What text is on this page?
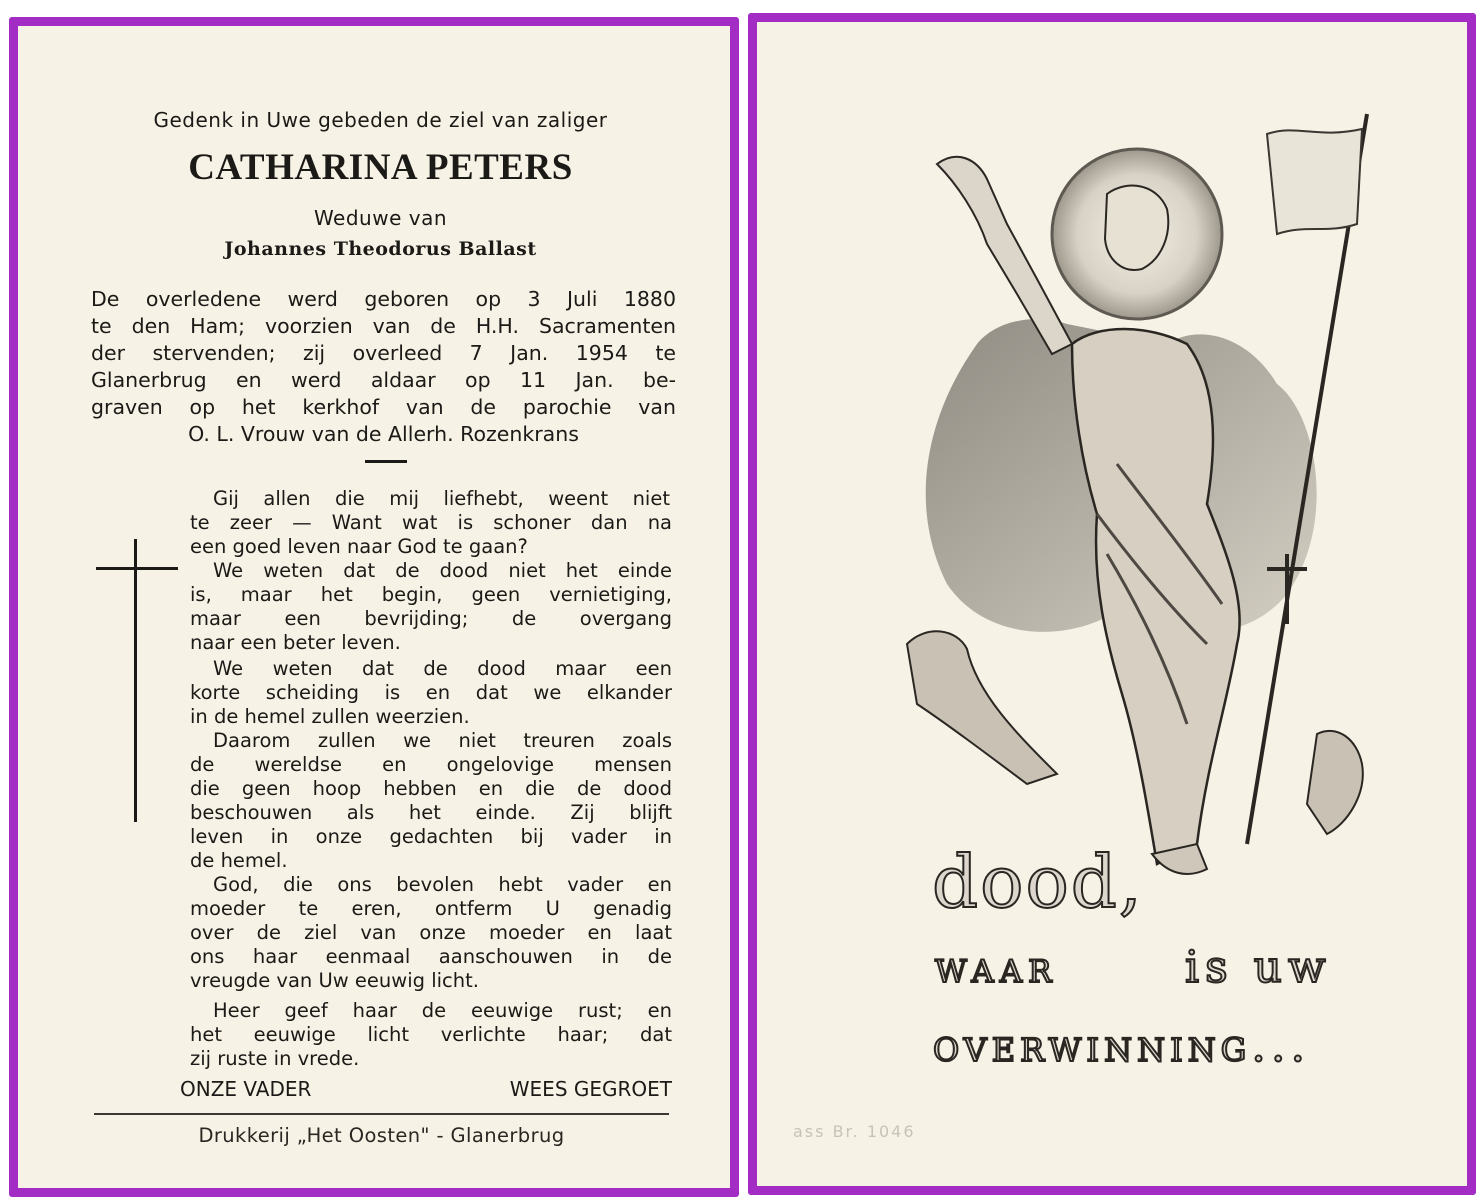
Gedenk in Uwe gebeden de ziel van zaliger
CATHARINA PETERS
Weduwe van
Johannes Theodorus Ballast
De overledene werd geboren op 3 Juli 1880
te den Ham; voorzien van de H.H. Sacramenten
der stervenden; zij overleed 7 Jan. 1954 te
Glanerbrug en werd aldaar op 11 Jan. be-
graven op het kerkhof van de parochie van
O. L. Vrouw van de Allerh. Rozenkrans
Gij allen die mij liefhebt, weent niet
te zeer — Want wat is schoner dan na
een goed leven naar God te gaan?
We weten dat de dood niet het einde
is, maar het begin, geen vernietiging,
maar een bevrijding; de overgang
naar een beter leven.
We weten dat de dood maar een
korte scheiding is en dat we elkander
in de hemel zullen weerzien.
Daarom zullen we niet treuren zoals
de wereldse en ongelovige mensen
die geen hoop hebben en die de dood
beschouwen als het einde. Zij blijft
leven in onze gedachten bij vader in
de hemel.
God, die ons bevolen hebt vader en
moeder te eren, ontferm U genadig
over de ziel van onze moeder en laat
ons haar eenmaal aanschouwen in de
vreugde van Uw eeuwig licht.
Heer geef haar de eeuwige rust; en
het eeuwige licht verlichte haar; dat
zij ruste in vrede.
ONZE VADER	WEES GEGROET
Drukkerij „Het Oosten" - Glanerbrug
dood,
waar	is uw
overwinning...
ass Br. 1046
